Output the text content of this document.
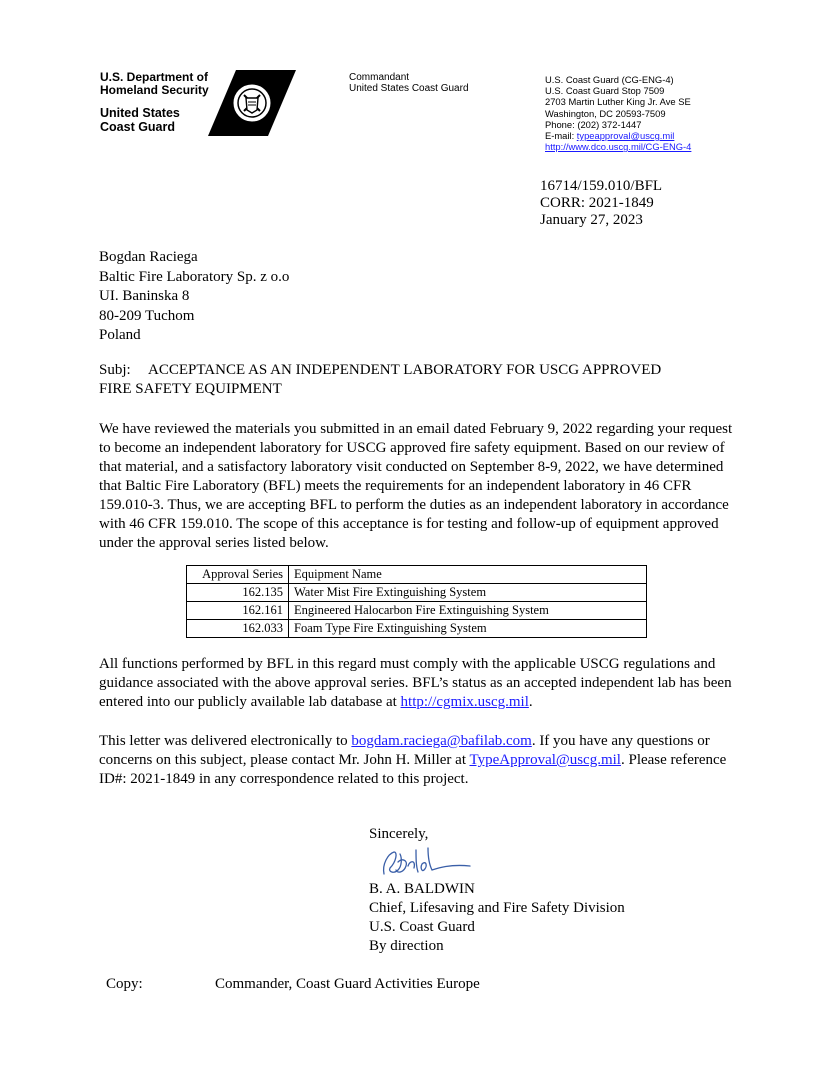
U.S. Department of
Homeland Security
United States
Coast Guard
Commandant
United States Coast Guard
U.S. Coast Guard (CG-ENG-4)
U.S. Coast Guard Stop 7509
2703 Martin Luther King Jr. Ave SE
Washington, DC 20593-7509
Phone: (202) 372-1447
E-mail: typeapproval@uscg.mil
http://www.dco.uscg.mil/CG-ENG-4
16714/159.010/BFL
CORR: 2021-1849
January 27, 2023
Bogdan Raciega
Baltic Fire Laboratory Sp. z o.o
UI. Baninska 8
80-209 Tuchom
Poland
Subj: ACCEPTANCE AS AN INDEPENDENT LABORATORY FOR USCG APPROVED
FIRE SAFETY EQUIPMENT
We have reviewed the materials you submitted in an email dated February 9, 2022 regarding your request to become an independent laboratory for USCG approved fire safety equipment. Based on our review of that material, and a satisfactory laboratory visit conducted on September 8-9, 2022, we have determined that Baltic Fire Laboratory (BFL) meets the requirements for an independent laboratory in 46 CFR 159.010-3. Thus, we are accepting BFL to perform the duties as an independent laboratory in accordance with 46 CFR 159.010. The scope of this acceptance is for testing and follow-up of equipment approved under the approval series listed below.
Approval Series	Equipment Name
162.135	Water Mist Fire Extinguishing System
162.161	Engineered Halocarbon Fire Extinguishing System
162.033	Foam Type Fire Extinguishing System
All functions performed by BFL in this regard must comply with the applicable USCG regulations and guidance associated with the above approval series. BFL’s status as an accepted independent lab has been entered into our publicly available lab database at http://cgmix.uscg.mil.
This letter was delivered electronically to bogdam.raciega@bafilab.com. If you have any questions or concerns on this subject, please contact Mr. John H. Miller at TypeApproval@uscg.mil. Please reference ID#: 2021-1849 in any correspondence related to this project.
Sincerely,
B. A. BALDWIN
Chief, Lifesaving and Fire Safety Division
U.S. Coast Guard
By direction
Copy:	Commander, Coast Guard Activities Europe
